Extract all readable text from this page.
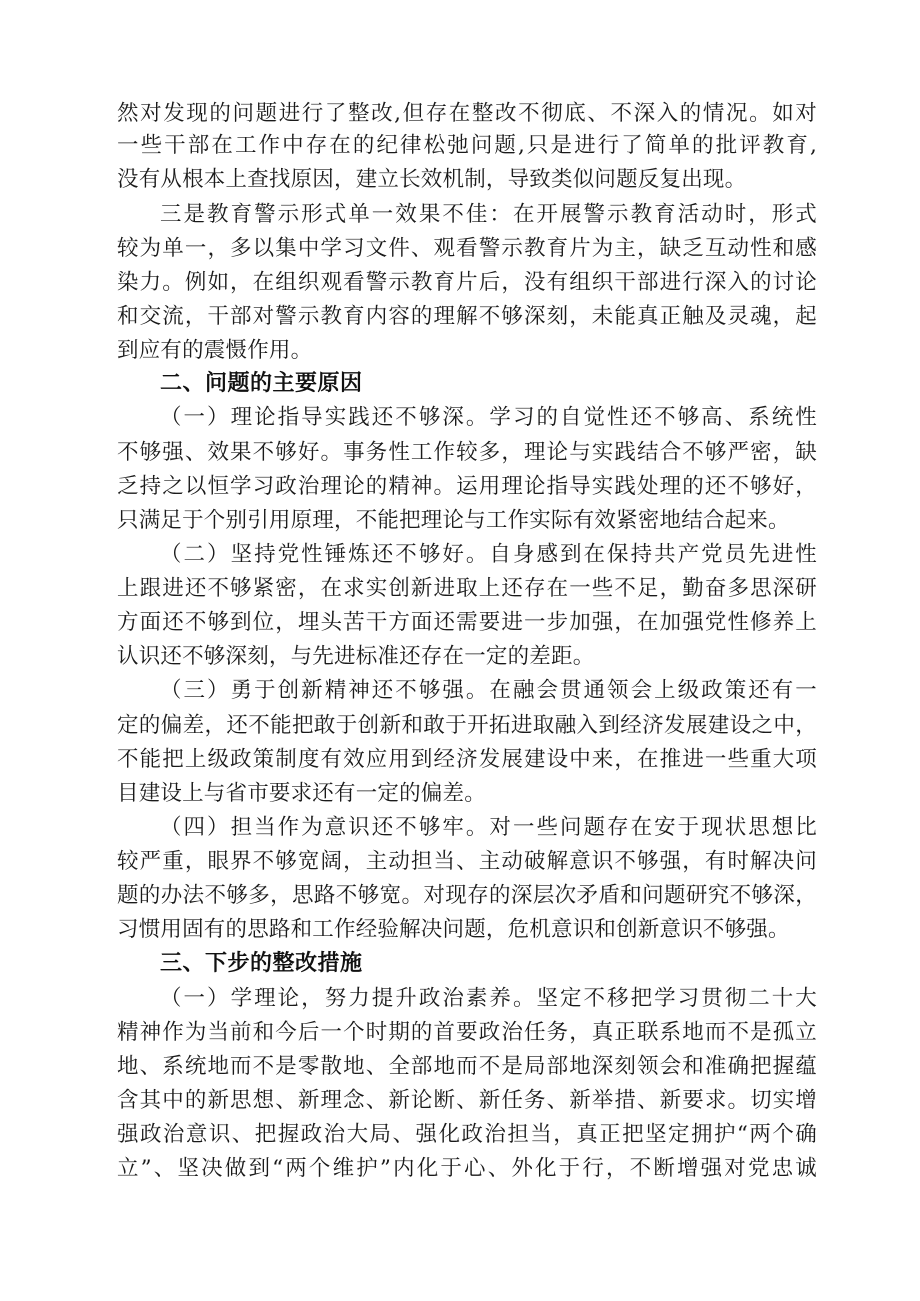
然对发现的问题进行了整改,但存在整改不彻底、不深入的情况。如对
一些干部在工作中存在的纪律松弛问题,只是进行了简单的批评教育,
没有从根本上查找原因，建立长效机制，导致类似问题反复出现。
三是教育警示形式单一效果不佳：在开展警示教育活动时，形式
较为单一，多以集中学习文件、观看警示教育片为主，缺乏互动性和感
染力。例如，在组织观看警示教育片后，没有组织干部进行深入的讨论
和交流，干部对警示教育内容的理解不够深刻，未能真正触及灵魂，起
到应有的震慑作用。
二、问题的主要原因
（一）理论指导实践还不够深。学习的自觉性还不够高、系统性
不够强、效果不够好。事务性工作较多，理论与实践结合不够严密，缺
乏持之以恒学习政治理论的精神。运用理论指导实践处理的还不够好，
只满足于个别引用原理，不能把理论与工作实际有效紧密地结合起来。
（二）坚持党性锤炼还不够好。自身感到在保持共产党员先进性
上跟进还不够紧密，在求实创新进取上还存在一些不足，勤奋多思深研
方面还不够到位，埋头苦干方面还需要进一步加强，在加强党性修养上
认识还不够深刻，与先进标准还存在一定的差距。
（三）勇于创新精神还不够强。在融会贯通领会上级政策还有一
定的偏差，还不能把敢于创新和敢于开拓进取融入到经济发展建设之中，
不能把上级政策制度有效应用到经济发展建设中来，在推进一些重大项
目建设上与省市要求还有一定的偏差。
（四）担当作为意识还不够牢。对一些问题存在安于现状思想比
较严重，眼界不够宽阔，主动担当、主动破解意识不够强，有时解决问
题的办法不够多，思路不够宽。对现存的深层次矛盾和问题研究不够深，
习惯用固有的思路和工作经验解决问题，危机意识和创新意识不够强。
三、下步的整改措施
（一）学理论，努力提升政治素养。坚定不移把学习贯彻二十大
精神作为当前和今后一个时期的首要政治任务，真正联系地而不是孤立
地、系统地而不是零散地、全部地而不是局部地深刻领会和准确把握蕴
含其中的新思想、新理念、新论断、新任务、新举措、新要求。切实增
强政治意识、把握政治大局、强化政治担当，真正把坚定拥护“两个确
立”、坚决做到“两个维护”内化于心、外化于行，不断增强对党忠诚
